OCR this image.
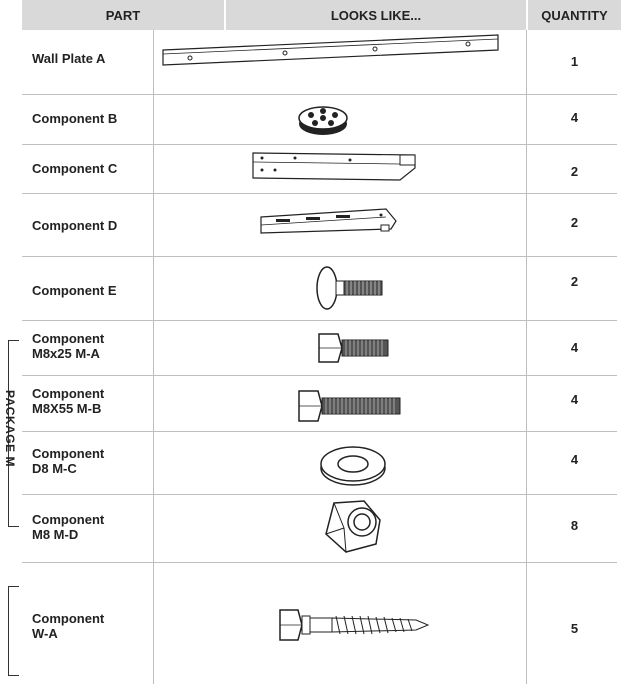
PART	LOOKS LIKE...	QUANTITY
PACKAGE M
Wall Plate A
Component B
Component C
Component D
Component E
Component
M8x25 M-A
Component
M8X55 M-B
Component
D8 M-C
Component
M8 M-D
Component
W-A
1
4
2
2
2
4
4
4
8
5
